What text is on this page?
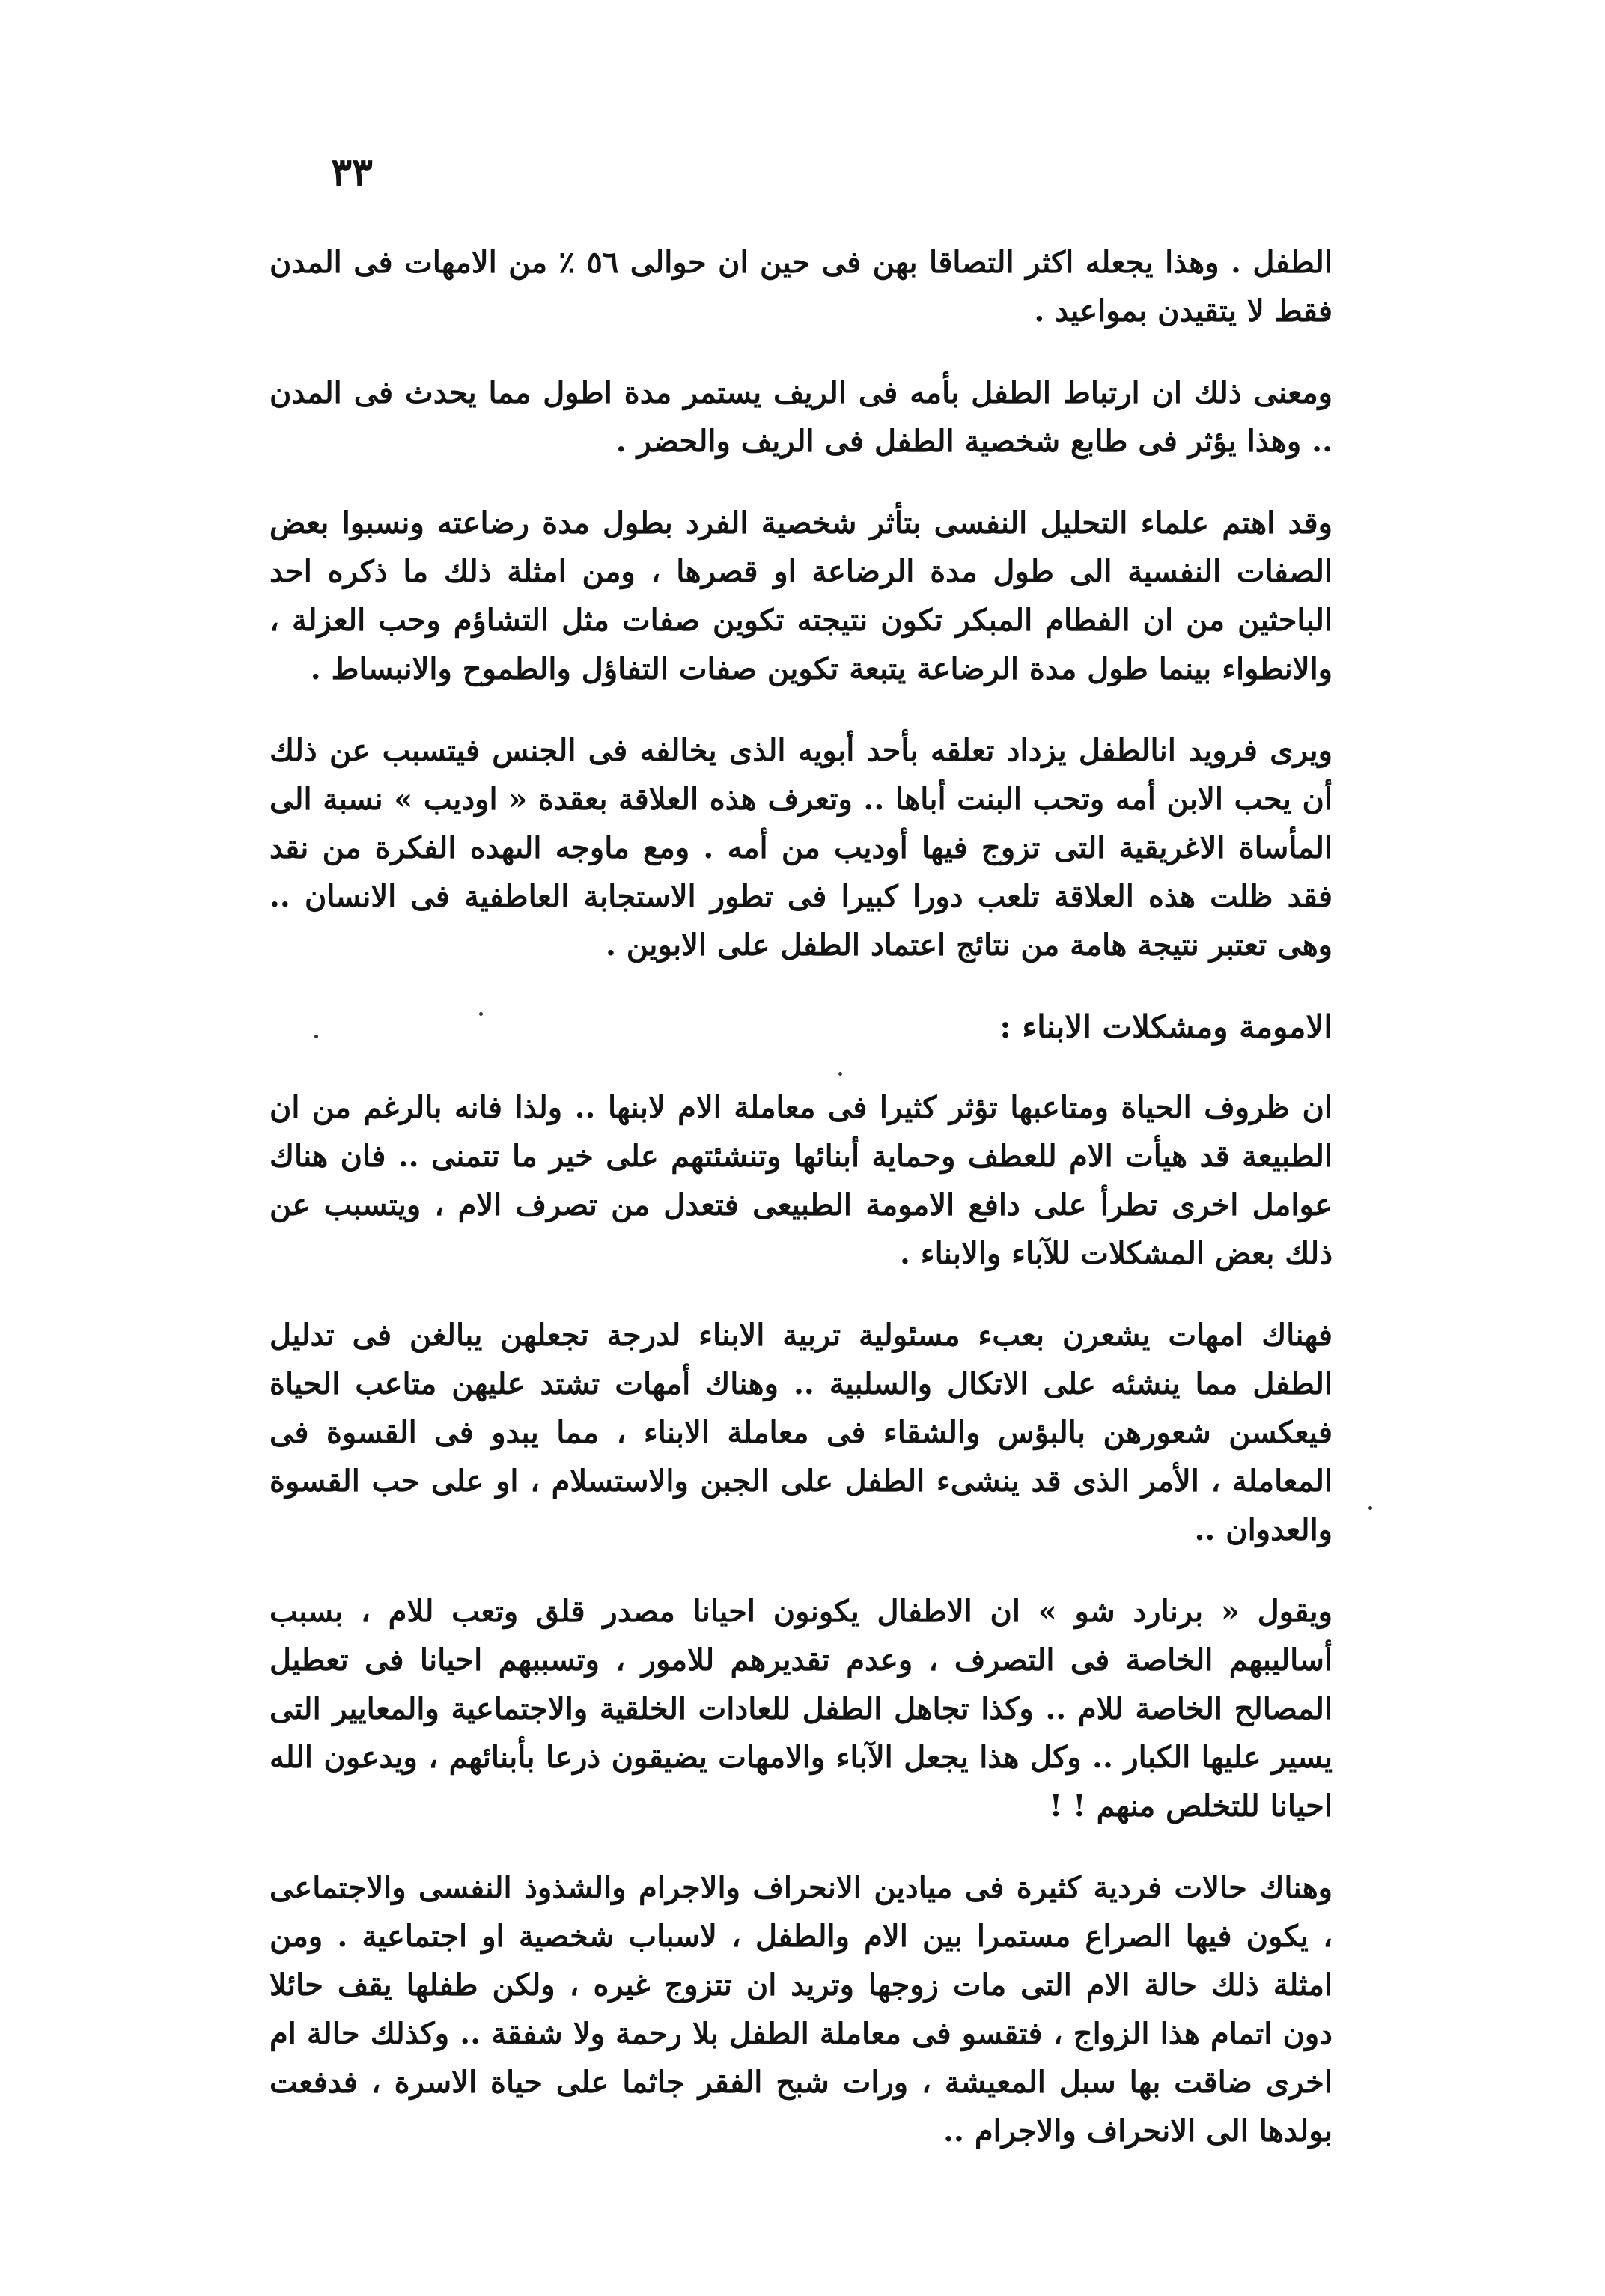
٣٣

الطفل . وهذا يجعله اكثر التصاقا بهن فى حين ان حوالى ٥٦ ٪ من الامهات فى المدن فقط لا يتقيدن بمواعيد .

ومعنى ذلك ان ارتباط الطفل بأمه فى الريف يستمر مدة اطول مما يحدث فى المدن .. وهذا يؤثر فى طابع شخصية الطفل فى الريف والحضر .

وقد اهتم علماء التحليل النفسى بتأثر شخصية الفرد بطول مدة رضاعته ونسبوا بعض الصفات النفسية الى طول مدة الرضاعة او قصرها ، ومن امثلة ذلك ما ذكره احد الباحثين من ان الفطام المبكر تكون نتيجته تكوين صفات مثل التشاؤم وحب العزلة ، والانطواء بينما طول مدة الرضاعة يتبعة تكوين صفات التفاؤل والطموح والانبساط .

ويرى فرويد انالطفل يزداد تعلقه بأحد أبويه الذى يخالفه فى الجنس فيتسبب عن ذلك أن يحب الابن أمه وتحب البنت أباها .. وتعرف هذه العلاقة بعقدة « اوديب » نسبة الى المأساة الاغريقية التى تزوج فيها أوديب من أمه . ومع ماوجه الىهده الفكرة من نقد فقد ظلت هذه العلاقة تلعب دورا كبيرا فى تطور الاستجابة العاطفية فى الانسان .. وهى تعتبر نتيجة هامة من نتائج اعتماد الطفل على الابوين .

الامومة ومشكلات الابناء :

ان ظروف الحياة ومتاعبها تؤثر كثيرا فى معاملة الام لابنها .. ولذا فانه بالرغم من ان الطبيعة قد هيأت الام للعطف وحماية أبنائها وتنشئتهم على خير ما تتمنى .. فان هناك عوامل اخرى تطرأ على دافع الامومة الطبيعى فتعدل من تصرف الام ، ويتسبب عن ذلك بعض المشكلات للآباء والابناء .

فهناك امهات يشعرن بعبء مسئولية تربية الابناء لدرجة تجعلهن يبالغن فى تدليل الطفل مما ينشئه على الاتكال والسلبية .. وهناك أمهات تشتد عليهن متاعب الحياة فيعكسن شعورهن بالبؤس والشقاء فى معاملة الابناء ، مما يبدو فى القسوة فى المعاملة ، الأمر الذى قد ينشىء الطفل على الجبن والاستسلام ، او على حب القسوة والعدوان ..

ويقول « برنارد شو » ان الاطفال يكونون احيانا مصدر قلق وتعب للام ، بسبب أساليبهم الخاصة فى التصرف ، وعدم تقديرهم للامور ، وتسببهم احيانا فى تعطيل المصالح الخاصة للام .. وكذا تجاهل الطفل للعادات الخلقية والاجتماعية والمعايير التى يسير عليها الكبار .. وكل هذا يجعل الآباء والامهات يضيقون ذرعا بأبنائهم ، ويدعون الله احيانا للتخلص منهم ! !

وهناك حالات فردية كثيرة فى ميادين الانحراف والاجرام والشذوذ النفسى والاجتماعى ، يكون فيها الصراع مستمرا بين الام والطفل ، لاسباب شخصية او اجتماعية . ومن امثلة ذلك حالة الام التى مات زوجها وتريد ان تتزوج غيره ، ولكن طفلها يقف حائلا دون اتمام هذا الزواج ، فتقسو فى معاملة الطفل بلا رحمة ولا شفقة .. وكذلك حالة ام اخرى ضاقت بها سبل المعيشة ، ورات شبح الفقر جاثما على حياة الاسرة ، فدفعت بولدها الى الانحراف والاجرام ..
